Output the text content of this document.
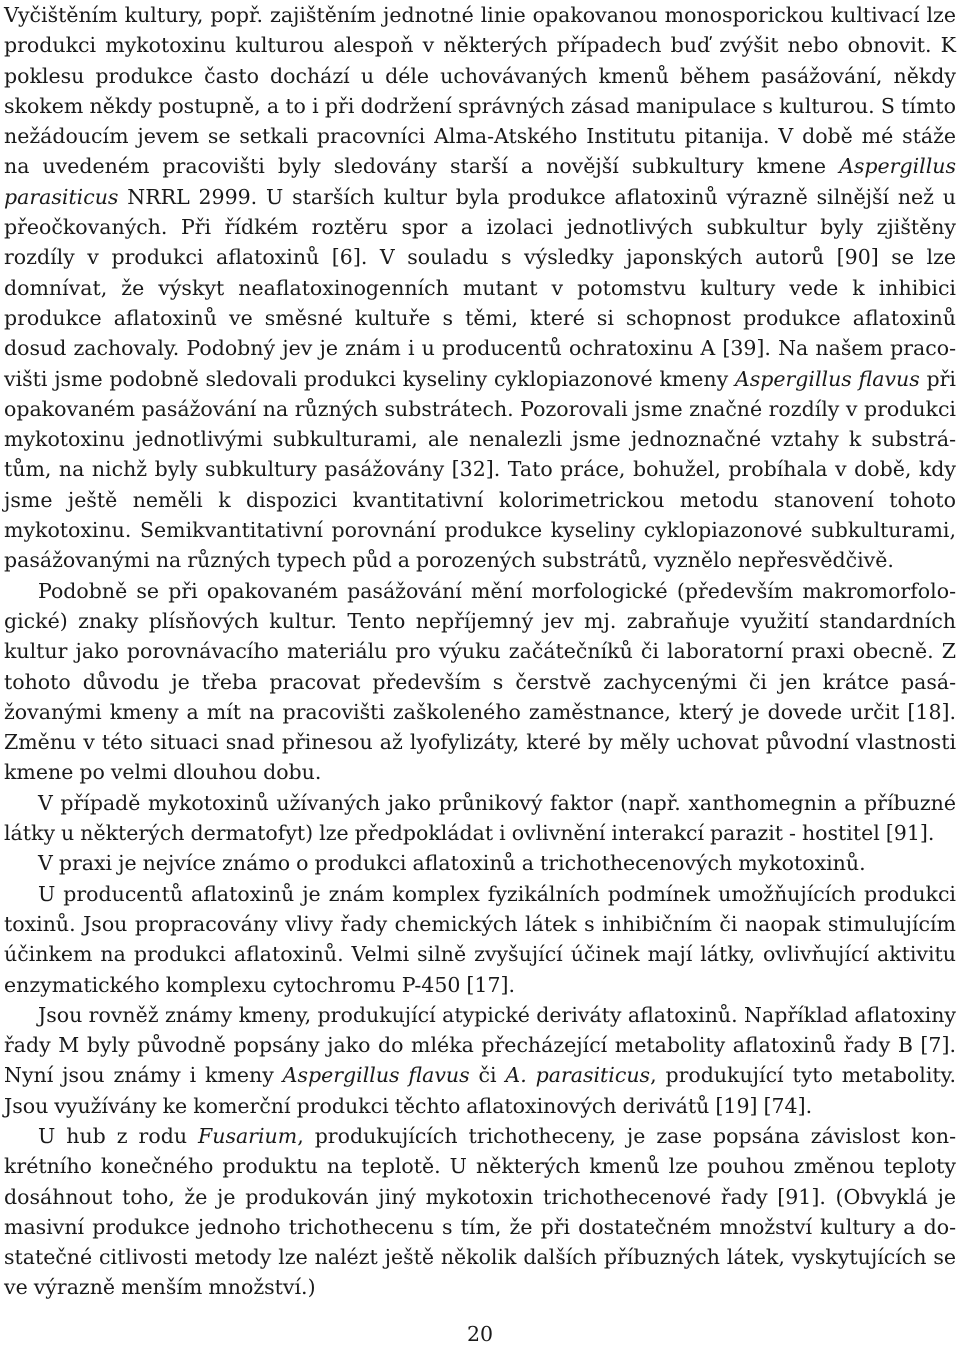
Vyčištěním kultury, popř. zajištěním jednotné linie opakovanou monosporickou kultivací lze produkci mykotoxinu kulturou alespoň v některých případech buď zvýšit nebo obnovit. K poklesu produkce často dochází u déle uchovávaných kmenů během pasážování, někdy skokem někdy postupně, a to i při dodržení správných zásad manipulace s kulturou. S tímto nežádoucím jevem se setkali pracovníci Alma-Atského Institutu pitanija. V době mé stáže na uvedeném pracovišti byly sledovány starší a novější subkultury kmene Aspergillus parasiticus NRRL 2999. U starších kultur byla produkce aflatoxinů výrazně silnější než u přeočkovaných. Při řídkém roztěru spor a izolaci jednotlivých subkultur byly zjištěny rozdíly v produkci aflatoxinů [6]. V souladu s výsledky japonských autorů [90] se lze domnívat, že výskyt neaflatoxinogenních mutant v potomstvu kultury vede k inhibici produkce aflatoxinů ve směsné kultuře s těmi, které si schopnost produkce aflatoxinů dosud zachovaly. Podobný jev je znám i u producentů ochratoxinu A [39]. Na našem pracovišti jsme podobně sledovali produkci kyseliny cyklopiazonové kmeny Aspergillus flavus při opakovaném pasážování na různých substrátech. Pozorovali jsme značné rozdíly v produkci mykotoxinu jednotlivými subkulturami, ale nenalezli jsme jednoznačné vztahy k substrátům, na nichž byly subkultury pasážovány [32]. Tato práce, bohužel, probíhala v době, kdy jsme ještě neměli k dispozici kvantitativní kolorimetrickou metodu stanovení tohoto mykotoxinu. Semikvantitativní porovnání produkce kyseliny cyklopiazonové subkulturami, pasážovanými na různých typech půd a porozených substrátů, vyznělo nepřesvědčivě.

Podobně se při opakovaném pasážování mění morfologické (především makromorfologické) znaky plísňových kultur. Tento nepříjemný jev mj. zabraňuje využití standardních kultur jako porovnávacího materiálu pro výuku začátečníků či laboratorní praxi obecně. Z tohoto důvodu je třeba pracovat především s čerstvě zachycenými či jen krátce pasážovanými kmeny a mít na pracovišti zaškoleného zaměstnance, který je dovede určit [18]. Změnu v této situaci snad přinesou až lyofylizáty, které by měly uchovat původní vlastnosti kmene po velmi dlouhou dobu.

V případě mykotoxinů užívaných jako průnikový faktor (např. xanthomegnin a příbuzné látky u některých dermatofyt) lze předpokládat i ovlivnění interakcí parazit - hostitel [91].

V praxi je nejvíce známo o produkci aflatoxinů a trichothecenových mykotoxinů.

U producentů aflatoxinů je znám komplex fyzikálních podmínek umožňujících produkci toxinů. Jsou propracovány vlivy řady chemických látek s inhibičním či naopak stimulujícím účinkem na produkci aflatoxinů. Velmi silně zvyšující účinek mají látky, ovlivňující aktivitu enzymatického komplexu cytochromu P-450 [17].

Jsou rovněž známy kmeny, produkující atypické deriváty aflatoxinů. Například aflatoxiny řady M byly původně popsány jako do mléka přecházející metabolity aflatoxinů řady B [7]. Nyní jsou známy i kmeny Aspergillus flavus či A. parasiticus, produkující tyto metabolity. Jsou využívány ke komerční produkci těchto aflatoxinových derivátů [19] [74].

U hub z rodu Fusarium, produkujících trichotheceny, je zase popsána závislost konkrétního konečného produktu na teplotě. U některých kmenů lze pouhou změnou teploty dosáhnout toho, že je produkován jiný mykotoxin trichothecenové řady [91]. (Obvyklá je masivní produkce jednoho trichothecenu s tím, že při dostatečném množství kultury a dostatečné citlivosti metody lze nalézt ještě několik dalších příbuzných látek, vyskytujících se ve výrazně menším množství.)

20
